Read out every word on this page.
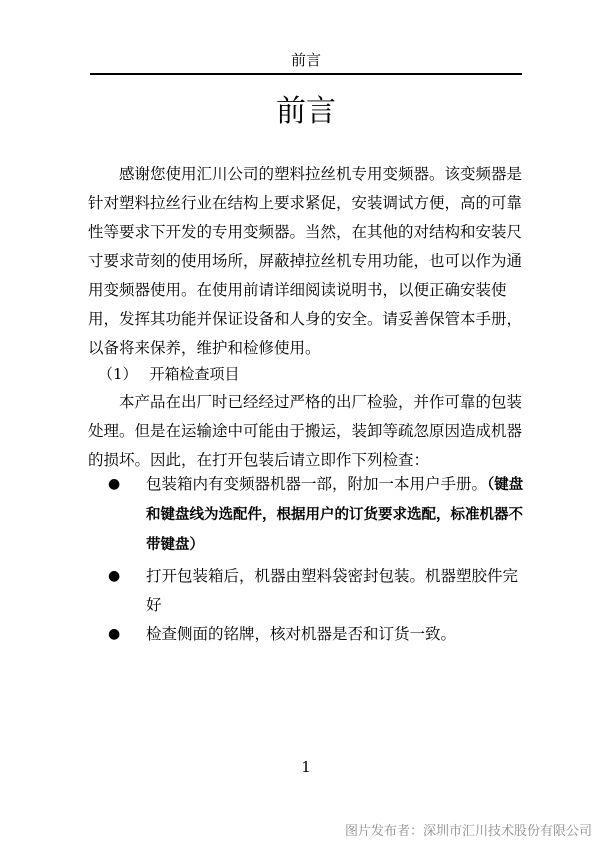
前言
前言

感谢您使用汇川公司的塑料拉丝机专用变频器。该变频器是针对塑料拉丝行业在结构上要求紧促，安装调试方便，高的可靠性等要求下开发的专用变频器。当然，在其他的对结构和安装尺寸要求苛刻的使用场所，屏蔽掉拉丝机专用功能，也可以作为通用变频器使用。在使用前请详细阅读说明书，以便正确安装使用，发挥其功能并保证设备和人身的安全。请妥善保管本手册，以备将来保养，维护和检修使用。

（1） 开箱检查项目

本产品在出厂时已经经过严格的出厂检验，并作可靠的包装处理。但是在运输途中可能由于搬运，装卸等疏忽原因造成机器的损坏。因此，在打开包装后请立即作下列检查：

● 包装箱内有变频器机器一部，附加一本用户手册。（键盘和键盘线为选配件，根据用户的订货要求选配，标准机器不带键盘）
● 打开包装箱后，机器由塑料袋密封包装。机器塑胶件完好
● 检查侧面的铭牌，核对机器是否和订货一致。
1
图片发布者：深圳市汇川技术股份有限公司
